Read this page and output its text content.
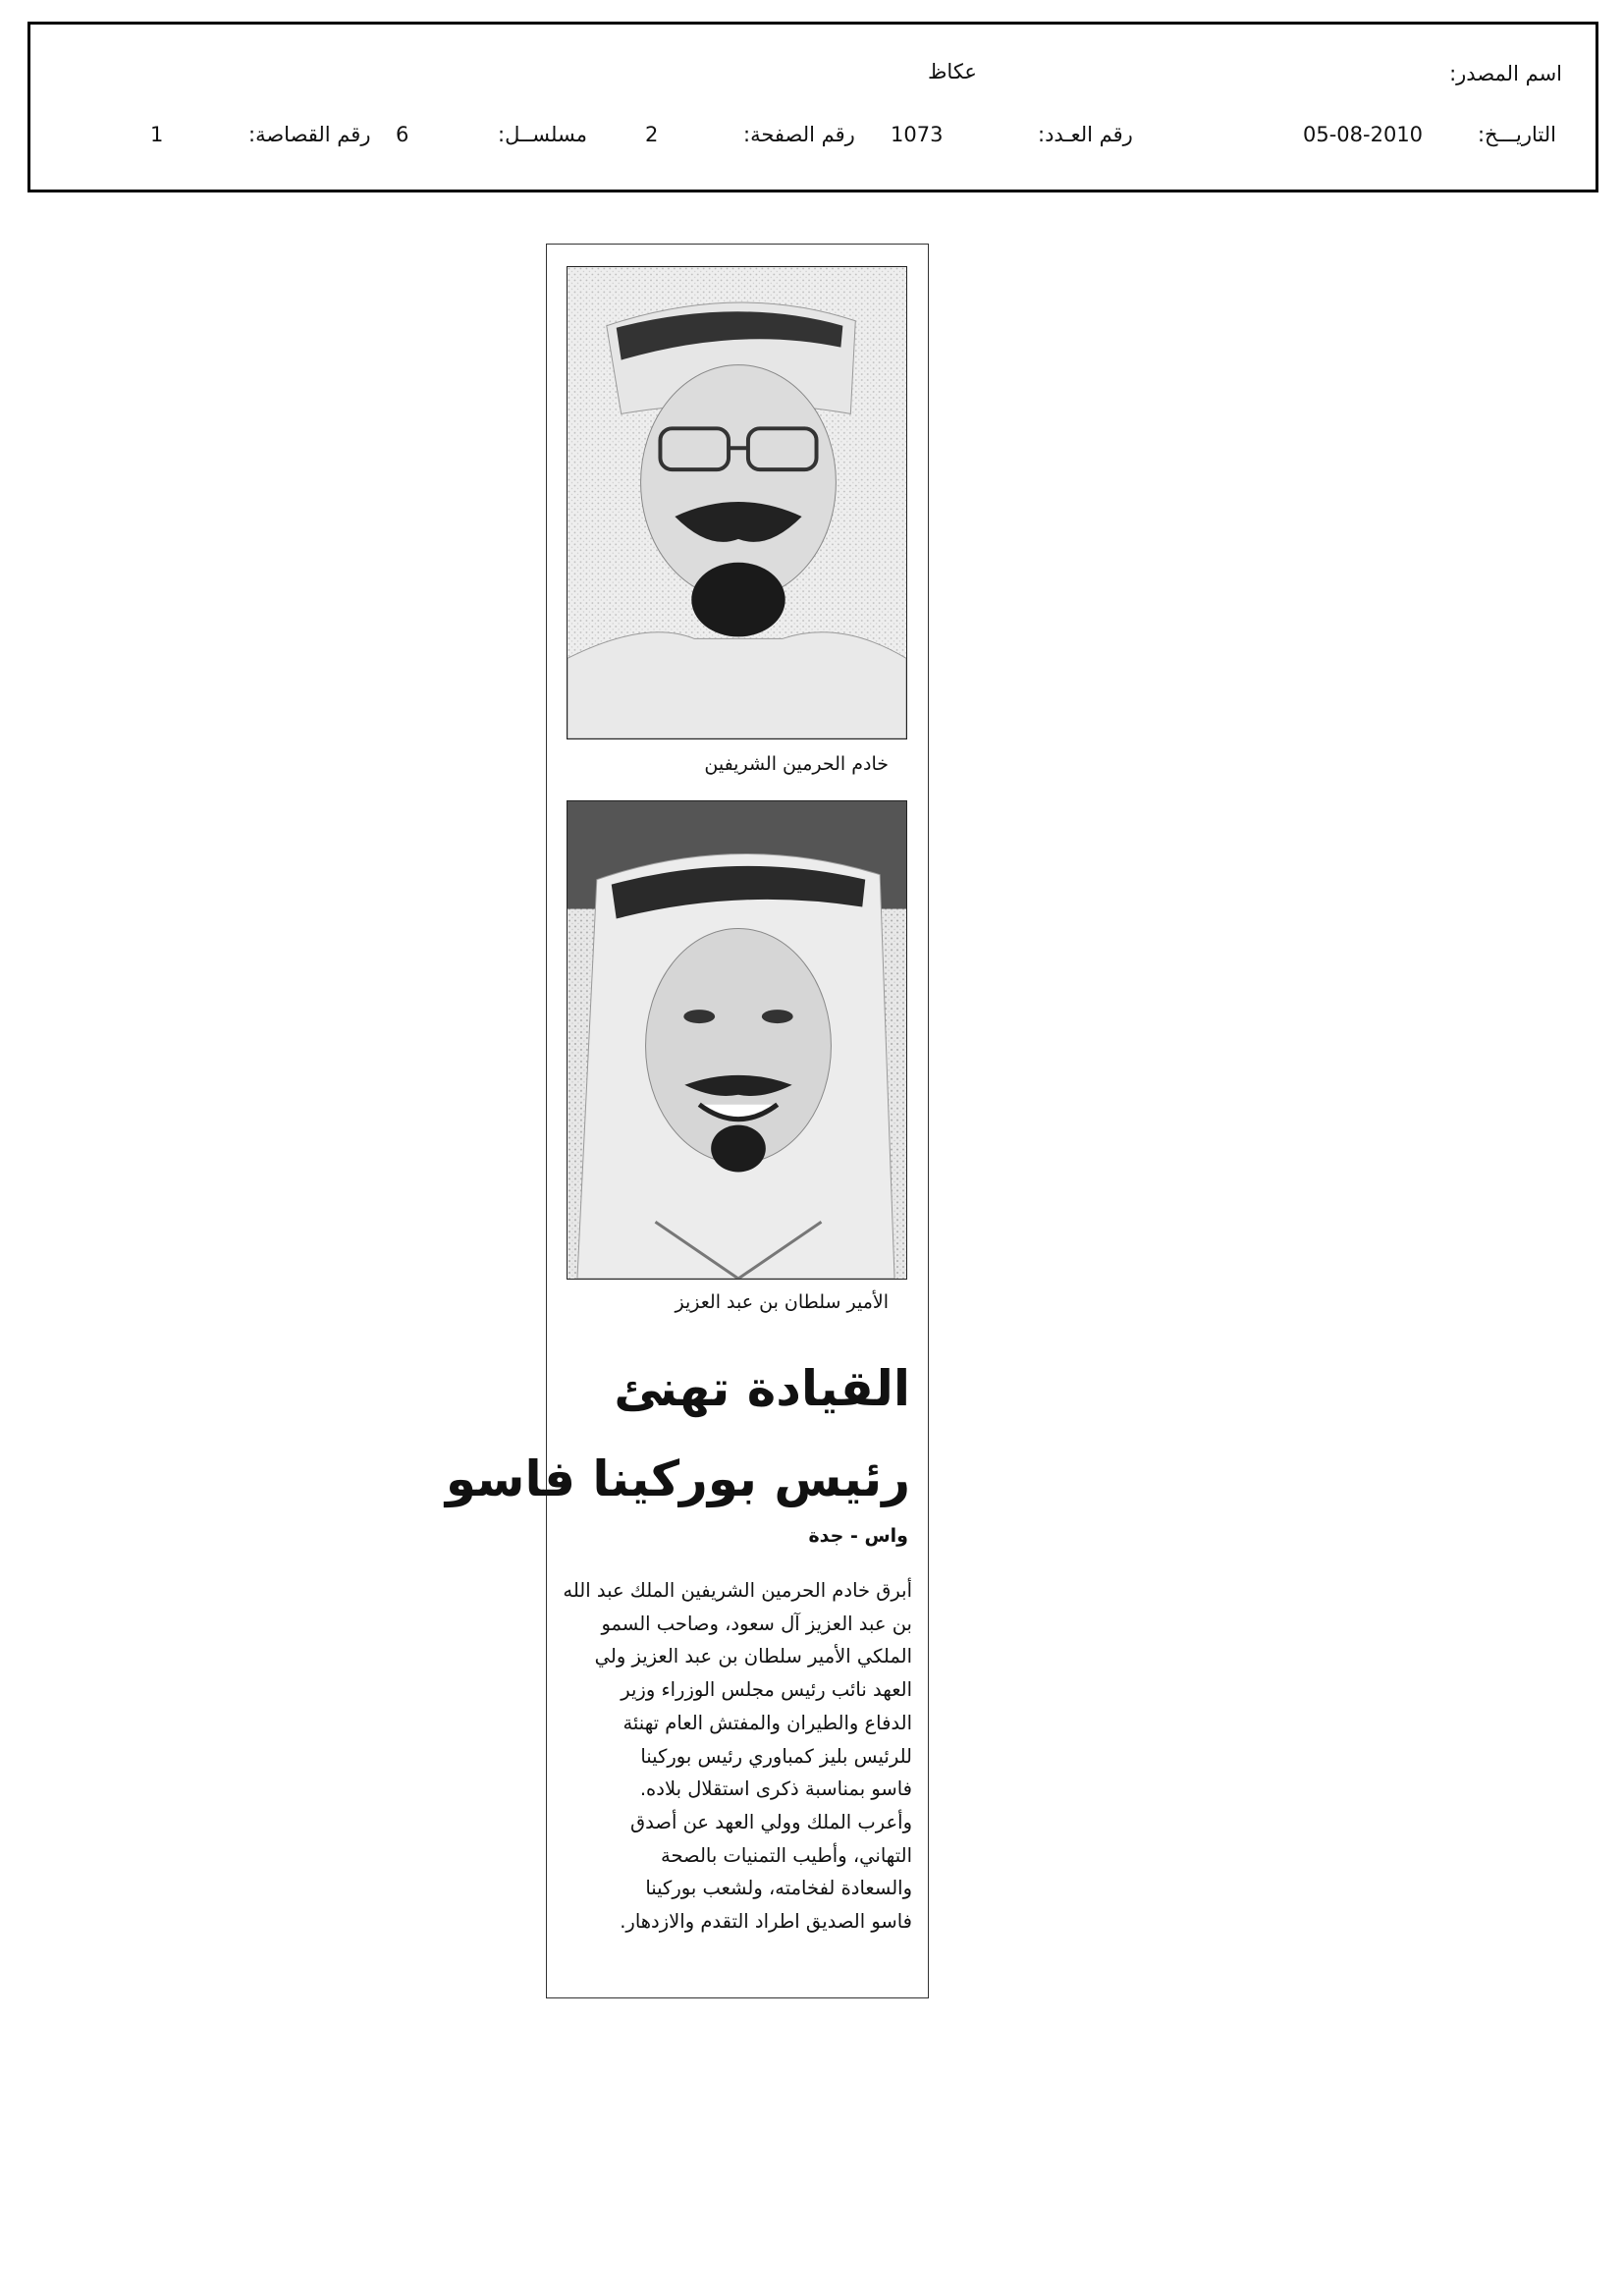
اسم المصدر:
عكاظ
التاريـــخ:
05-08-2010
رقم العـدد:
1073
رقم الصفحة:
2
مسلســل:
6
رقم القصاصة:
1
خادم الحرمين الشريفين
الأمير سلطان بن عبد العزيز
القيادة تهنئ
رئيس بوركينا فاسو
واس - جدة

أبرق خادم الحرمين الشريفين الملك عبد الله

بن عبد العزيز آل سعود، وصاحب السمو

الملكي الأمير سلطان بن عبد العزيز ولي

العهد نائب رئيس مجلس الوزراء وزير

الدفاع والطيران والمفتش العام تهنئة

للرئيس بليز كمباوري رئيس بوركينا

فاسو بمناسبة ذكرى استقلال بلاده.

وأعرب الملك وولي العهد عن أصدق

التهاني، وأطيب التمنيات بالصحة

والسعادة لفخامته، ولشعب بوركينا

فاسو الصديق اطراد التقدم والازدهار.
